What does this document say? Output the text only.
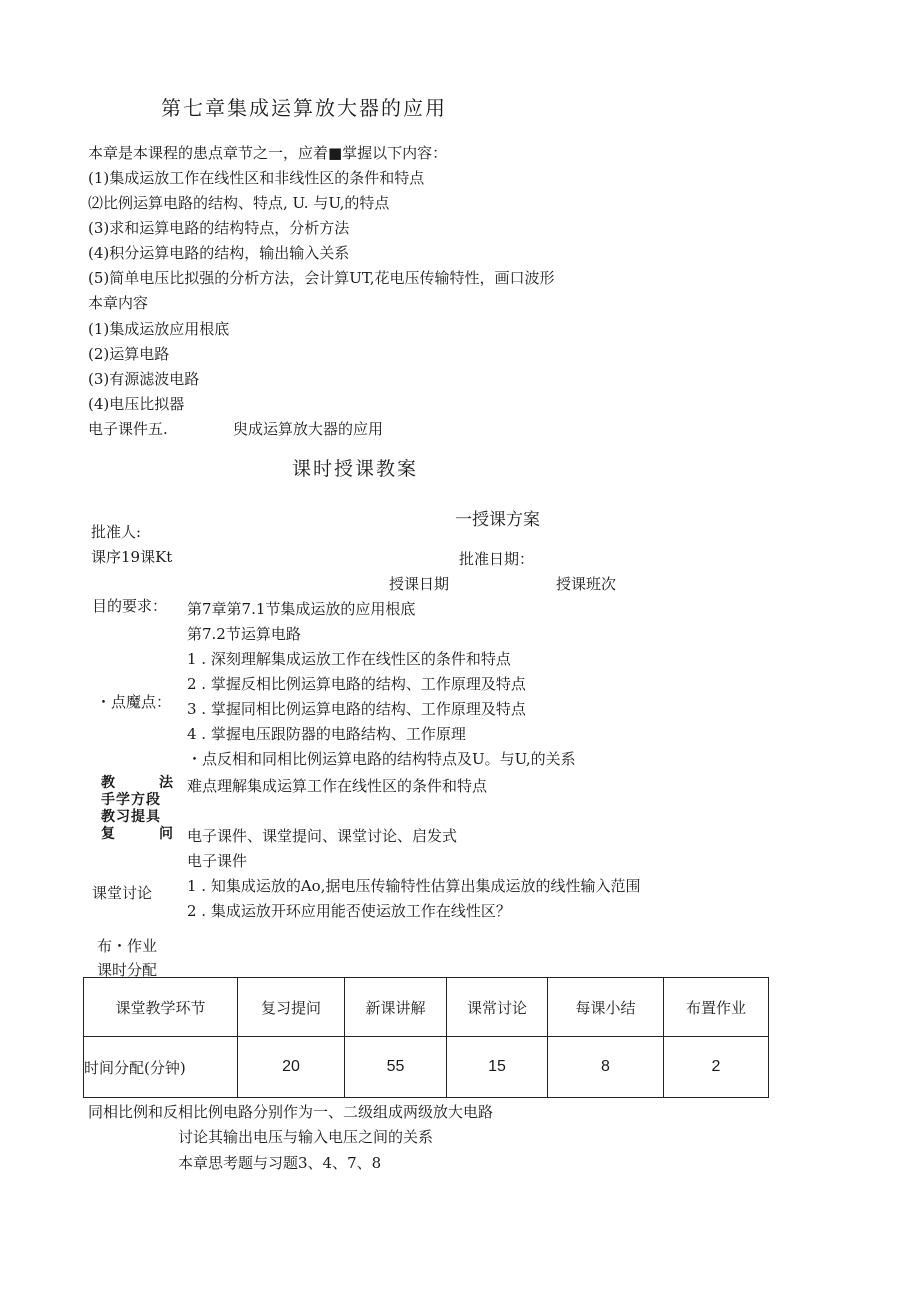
第七章集成运算放大器的应用
本章是本课程的患点章节之一，应着■掌握以下内容：
(1)集成运放工作在线性区和非线性区的条件和特点
⑵比例运算电路的结构、特点, U. 与U,的特点
(3)求和运算电路的结构特点，分析方法
(4)积分运算电路的结构，输出输入关系
(5)简单电压比拟强的分析方法，会计算UT,花电压传输特性，画口波形
本章内容
(1)集成运放应用根底
(2)运算电路
(3)有源滤波电路
(4)电压比拟器
电子课件五.	臾成运算放大器的应用
课时授课教案
一授课方案
批准人:
课序19课Kt	批准日期：
授课日期	授课班次
目的要求： 第7章第7.1节集成运放的应用根底
第7.2节运算电路
1 . 深刻理解集成运放工作在线性区的条件和特点
2 . 掌握反相比例运算电路的结构、工作原理及特点
・点魔点： 3 . 掌握同相比例运算电路的结构、工作原理及特点
4 . 掌握电压跟防器的电路结构、工作原理
・点反相和同相比例运算电路的结构特点及U。与U,的关系
教	法 难点理解集成运算工作在线性区的条件和特点
手学方段
教习提具
复	问 电子课件、课堂提问、课堂讨论、启发式
电子课件
课堂讨论 1 . 知集成运放的Ao,据电压传输特性估算出集成运放的线性输入范围
2 . 集成运放开环应用能否使运放工作在线性区？
布・作业
课时分配
课堂教学环节	复习提问	新课讲解	课常讨论	每课小结	布置作业
时间分配(分钟)	20	55	15	8	2
同相比例和反相比例电路分别作为一、二级组成两级放大电路
讨论其输出电压与输入电压之间的关系
本章思考题与习题3、4、7、8
